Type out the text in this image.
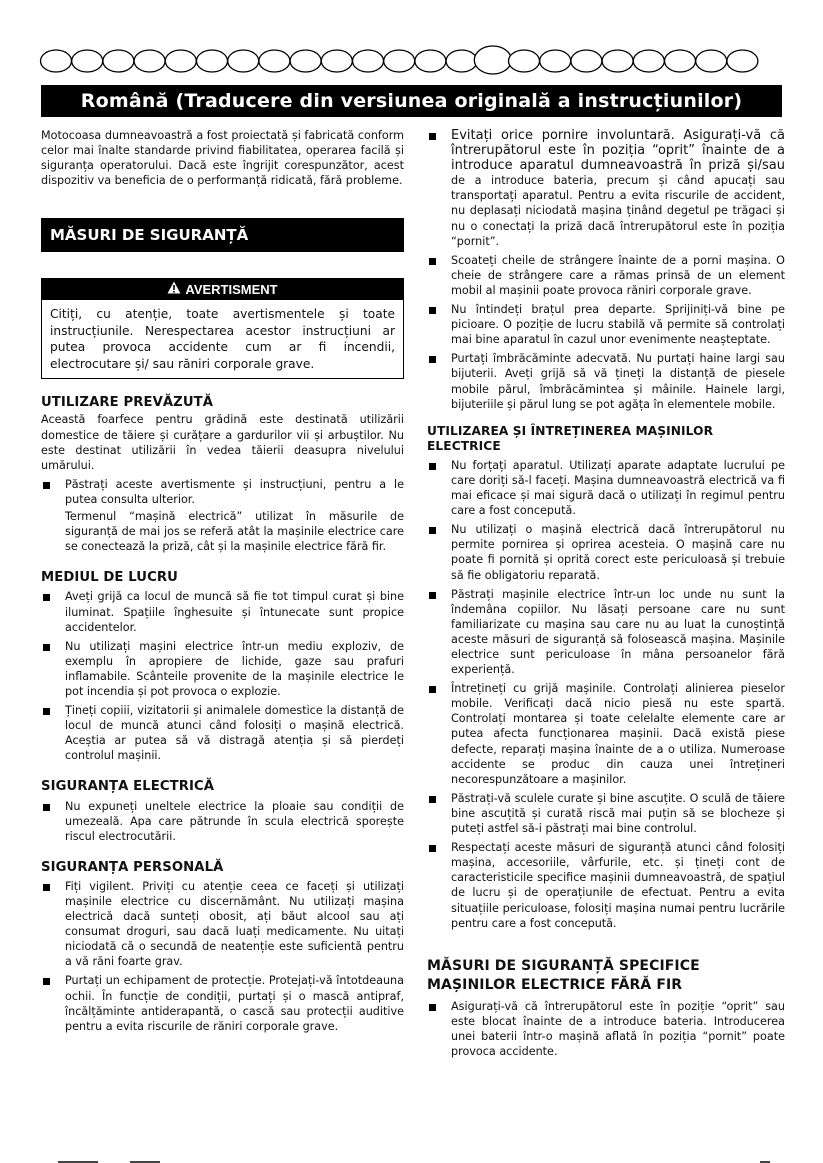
Română (Traducere din versiunea originală a instrucțiunilor)

Motocoasa dumneavoastră a fost proiectată și fabricată conform celor mai înalte standarde privind fiabilitatea, operarea facilă și siguranța operatorului. Dacă este îngrijit corespunzător, acest dispozitiv va beneficia de o performanță ridicată, fără probleme.

MĂSURI DE SIGURANȚĂ
AVERTISMENT
Citiți, cu atenție, toate avertismentele și toate instrucțiunile. Nerespectarea acestor instrucțiuni ar putea provoca accidente cum ar fi incendii, electrocutare și/ sau răniri corporale grave.
UTILIZARE PREVĂZUTĂ

Această foarfece pentru grădină este destinată utilizării domestice de tăiere și curățare a gardurilor vii și arbuștilor. Nu este destinat utilizării în vedea tăierii deasupra nivelului umărului.

Păstrați aceste avertismente și instrucțiuni, pentru a le putea consulta ulterior.

Termenul “mașină electrică” utilizat în măsurile de siguranță de mai jos se referă atât la mașinile electrice care se conectează la priză, cât și la mașinile electrice fără fir.

MEDIUL DE LUCRU
Aveți grijă ca locul de muncă să fie tot timpul curat și bine iluminat. Spațiile înghesuite și întunecate sunt propice accidentelor.
Nu utilizați mașini electrice într-un mediu exploziv, de exemplu în apropiere de lichide, gaze sau prafuri inflamabile. Scânteile provenite de la mașinile electrice le pot incendia și pot provoca o explozie.
Țineți copiii, vizitatorii și animalele domestice la distanță de locul de muncă atunci când folosiți o mașină electrică. Aceștia ar putea să vă distragă atenția și să pierdeți controlul mașinii.
SIGURANȚA ELECTRICĂ
Nu expuneți uneltele electrice la ploaie sau condiții de umezeală. Apa care pătrunde în scula electrică sporește riscul electrocutării.
SIGURANȚA PERSONALĂ
Fiți vigilent. Priviți cu atenție ceea ce faceți și utilizați mașinile electrice cu discernământ. Nu utilizați mașina electrică dacă sunteți obosit, ați băut alcool sau ați consumat droguri, sau dacă luați medicamente. Nu uitați niciodată că o secundă de neatenție este suficientă pentru a vă răni foarte grav.
Purtați un echipament de protecție. Protejați-vă întotdeauna ochii. În funcție de condiții, purtați și o mască antipraf, încălțăminte antiderapantă, o cască sau protecții auditive pentru a evita riscurile de răniri corporale grave.
Evitați orice pornire involuntară. Asigurați-vă că întrerupătorul este în poziția “oprit” înainte de a introduce aparatul dumneavoastră în priză și/sau de a introduce bateria, precum și când apucați sau transportați aparatul. Pentru a evita riscurile de accident, nu deplasați niciodată mașina ținând degetul pe trăgaci și nu o conectați la priză dacă întrerupătorul este în poziția “pornit”.
Scoateți cheile de strângere înainte de a porni mașina. O cheie de strângere care a rămas prinsă de un element mobil al mașinii poate provoca răniri corporale grave.
Nu întindeți brațul prea departe. Sprijiniți-vă bine pe picioare. O poziție de lucru stabilă vă permite să controlați mai bine aparatul în cazul unor evenimente neașteptate.
Purtați îmbrăcăminte adecvată. Nu purtați haine largi sau bijuterii. Aveți grijă să vă țineți la distanță de piesele mobile părul, îmbrăcămintea și mâinile. Hainele largi, bijuteriile și părul lung se pot agăța în elementele mobile.
UTILIZAREA ȘI ÎNTREȚINEREA MAȘINILOR ELECTRICE
Nu forțați aparatul. Utilizați aparate adaptate lucrului pe care doriți să-l faceți. Mașina dumneavoastră electrică va fi mai eficace și mai sigură dacă o utilizați în regimul pentru care a fost concepută.
Nu utilizați o mașină electrică dacă întrerupătorul nu permite pornirea și oprirea acesteia. O mașină care nu poate fi pornită și oprită corect este periculoasă și trebuie să fie obligatoriu reparată.
Păstrați mașinile electrice într-un loc unde nu sunt la îndemâna copiilor. Nu lăsați persoane care nu sunt familiarizate cu mașina sau care nu au luat la cunoștință aceste măsuri de siguranță să folosească mașina. Mașinile electrice sunt periculoase în mâna persoanelor fără experiență.
Întrețineți cu grijă mașinile. Controlați alinierea pieselor mobile. Verificați dacă nicio piesă nu este spartă. Controlați montarea și toate celelalte elemente care ar putea afecta funcționarea mașinii. Dacă există piese defecte, reparați mașina înainte de a o utiliza. Numeroase accidente se produc din cauza unei întrețineri necorespunzătoare a mașinilor.
Păstrați-vă sculele curate și bine ascuțite. O sculă de tăiere bine ascuțită și curată riscă mai puțin să se blocheze și puteți astfel să-i păstrați mai bine controlul.
Respectați aceste măsuri de siguranță atunci când folosiți mașina, accesoriile, vârfurile, etc. și țineți cont de caracteristicile specifice mașinii dumneavoastră, de spațiul de lucru și de operațiunile de efectuat. Pentru a evita situațiile periculoase, folosiți mașina numai pentru lucrările pentru care a fost concepută.
MĂSURI DE SIGURANȚĂ SPECIFICE MAȘINILOR ELECTRICE FĂRĂ FIR
Asigurați-vă că întrerupătorul este în poziție “oprit” sau este blocat înainte de a introduce bateria. Introducerea unei baterii într-o mașină aflată în poziția “pornit” poate provoca accidente.
